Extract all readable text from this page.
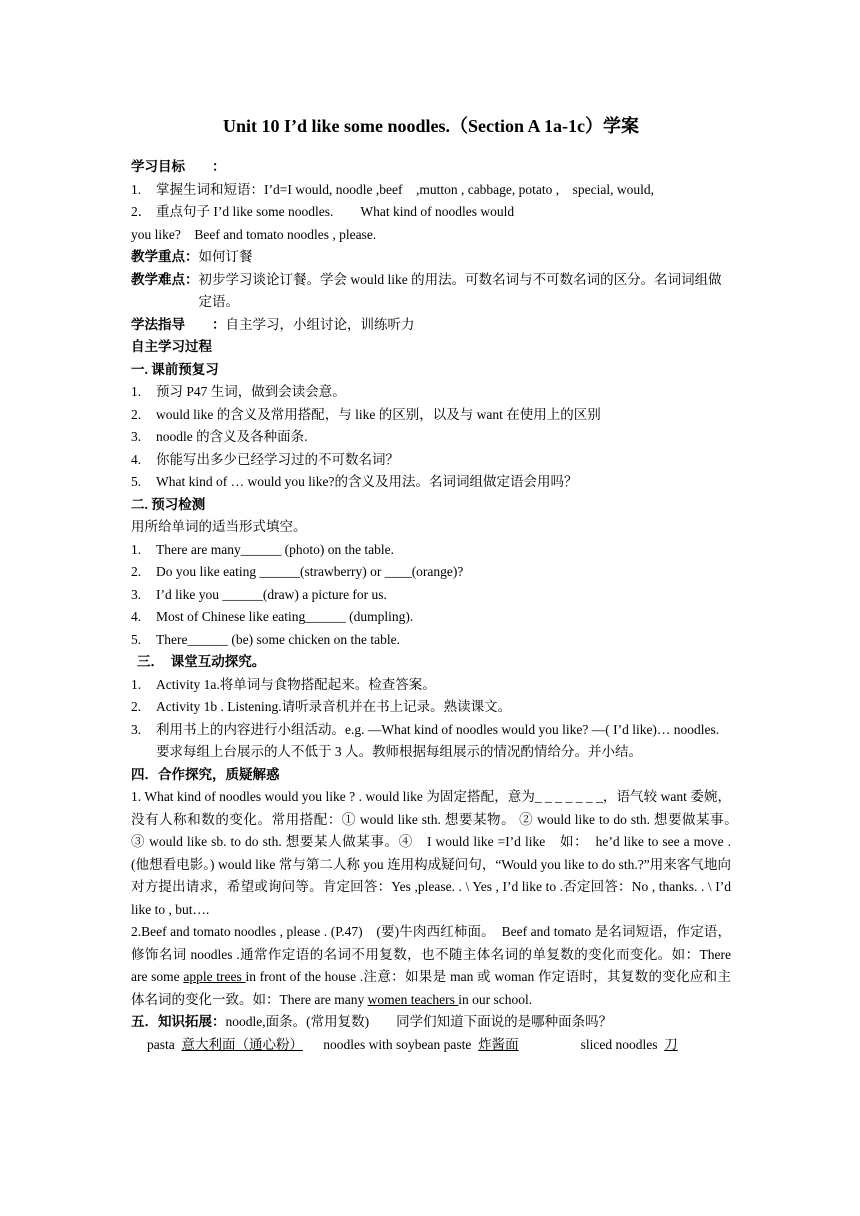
Unit 10 I’d like some noodles.（Section A 1a-1c）学案

学习目标　　：

1. 掌握生词和短语：I’d=I would, noodle ,beef　,mutton , cabbage, potato ,　special, would,

2． 重点句子 I’d like some noodles.　　What kind of noodles would

you like?　Beef and tomato noodles , please.

教学重点：如何订餐

教学难点： 初步学习谈论订餐。学会 would like 的用法。可数名词与不可数名词的区分。名词词组做定语。

学法指导　　：自主学习，小组讨论，训练听力

自主学习过程

一. 课前预复习

1. 预习 P47 生词，做到会读会意。

2. would like 的含义及常用搭配，与 like 的区别，以及与 want 在使用上的区别

3. noodle 的含义及各种面条.

4. 你能写出多少已经学习过的不可数名词？

5. What kind of … would you like?的含义及用法。名词词组做定语会用吗？

二. 预习检测

用所给单词的适当形式填空。

1. There are many______ (photo) on the table.

2. Do you like eating ______(strawberry) or ____(orange)?

3. I’d like you ______(draw) a picture for us.

4. Most of Chinese like eating______ (dumpling).

5. There______ (be) some chicken on the table.

三．　课堂互动探究。

1. Activity 1a.将单词与食物搭配起来。检查答案。

2. Activity 1b . Listening.请听录音机并在书上记录。熟读课文。

3.	利用书上的内容进行小组活动。e.g. —What kind of noodles would you like? —( I’d like)… noodles. 要求每组上台展示的人不低于 3 人。教师根据每组展示的情况酌情给分。并小结。

四．合作探究，质疑解惑

1. What kind of noodles would you like ? . would like 为固定搭配，意为_ _ _ _ _ _ _，语气较 want 委婉，没有人称和数的变化。常用搭配：① would like sth. 想要某物。 ② would like to do sth. 想要做某事。　③ would like sb. to do sth. 想要某人做某事。④　I would like =I’d like　如：　he’d like to see a move . (他想看电影。) would like 常与第二人称 you 连用构成疑问句，“Would you like to do sth.?”用来客气地向对方提出请求，希望或询问等。肯定回答：Yes ,please. . \ Yes , I’d like to .否定回答：No , thanks. . \ I’d like to , but….

2.Beef and tomato noodles , please . (P.47)　(要)牛肉西红柿面。　Beef and tomato 是名词短语，作定语，修饰名词 noodles .通常作定语的名词不用复数，也不随主体名词的单复数的变化而变化。如：There are some apple trees in front of the house .注意：如果是 man 或 woman 作定语时，其复数的变化应和主体名词的变化一致。如：There are many women teachers in our school.

五．知识拓展：noodle,面条。(常用复数)　　同学们知道下面说的是哪种面条吗？

pasta 意大利面（通心粉） noodles with soybean paste 炸酱面	sliced noodles 刀
